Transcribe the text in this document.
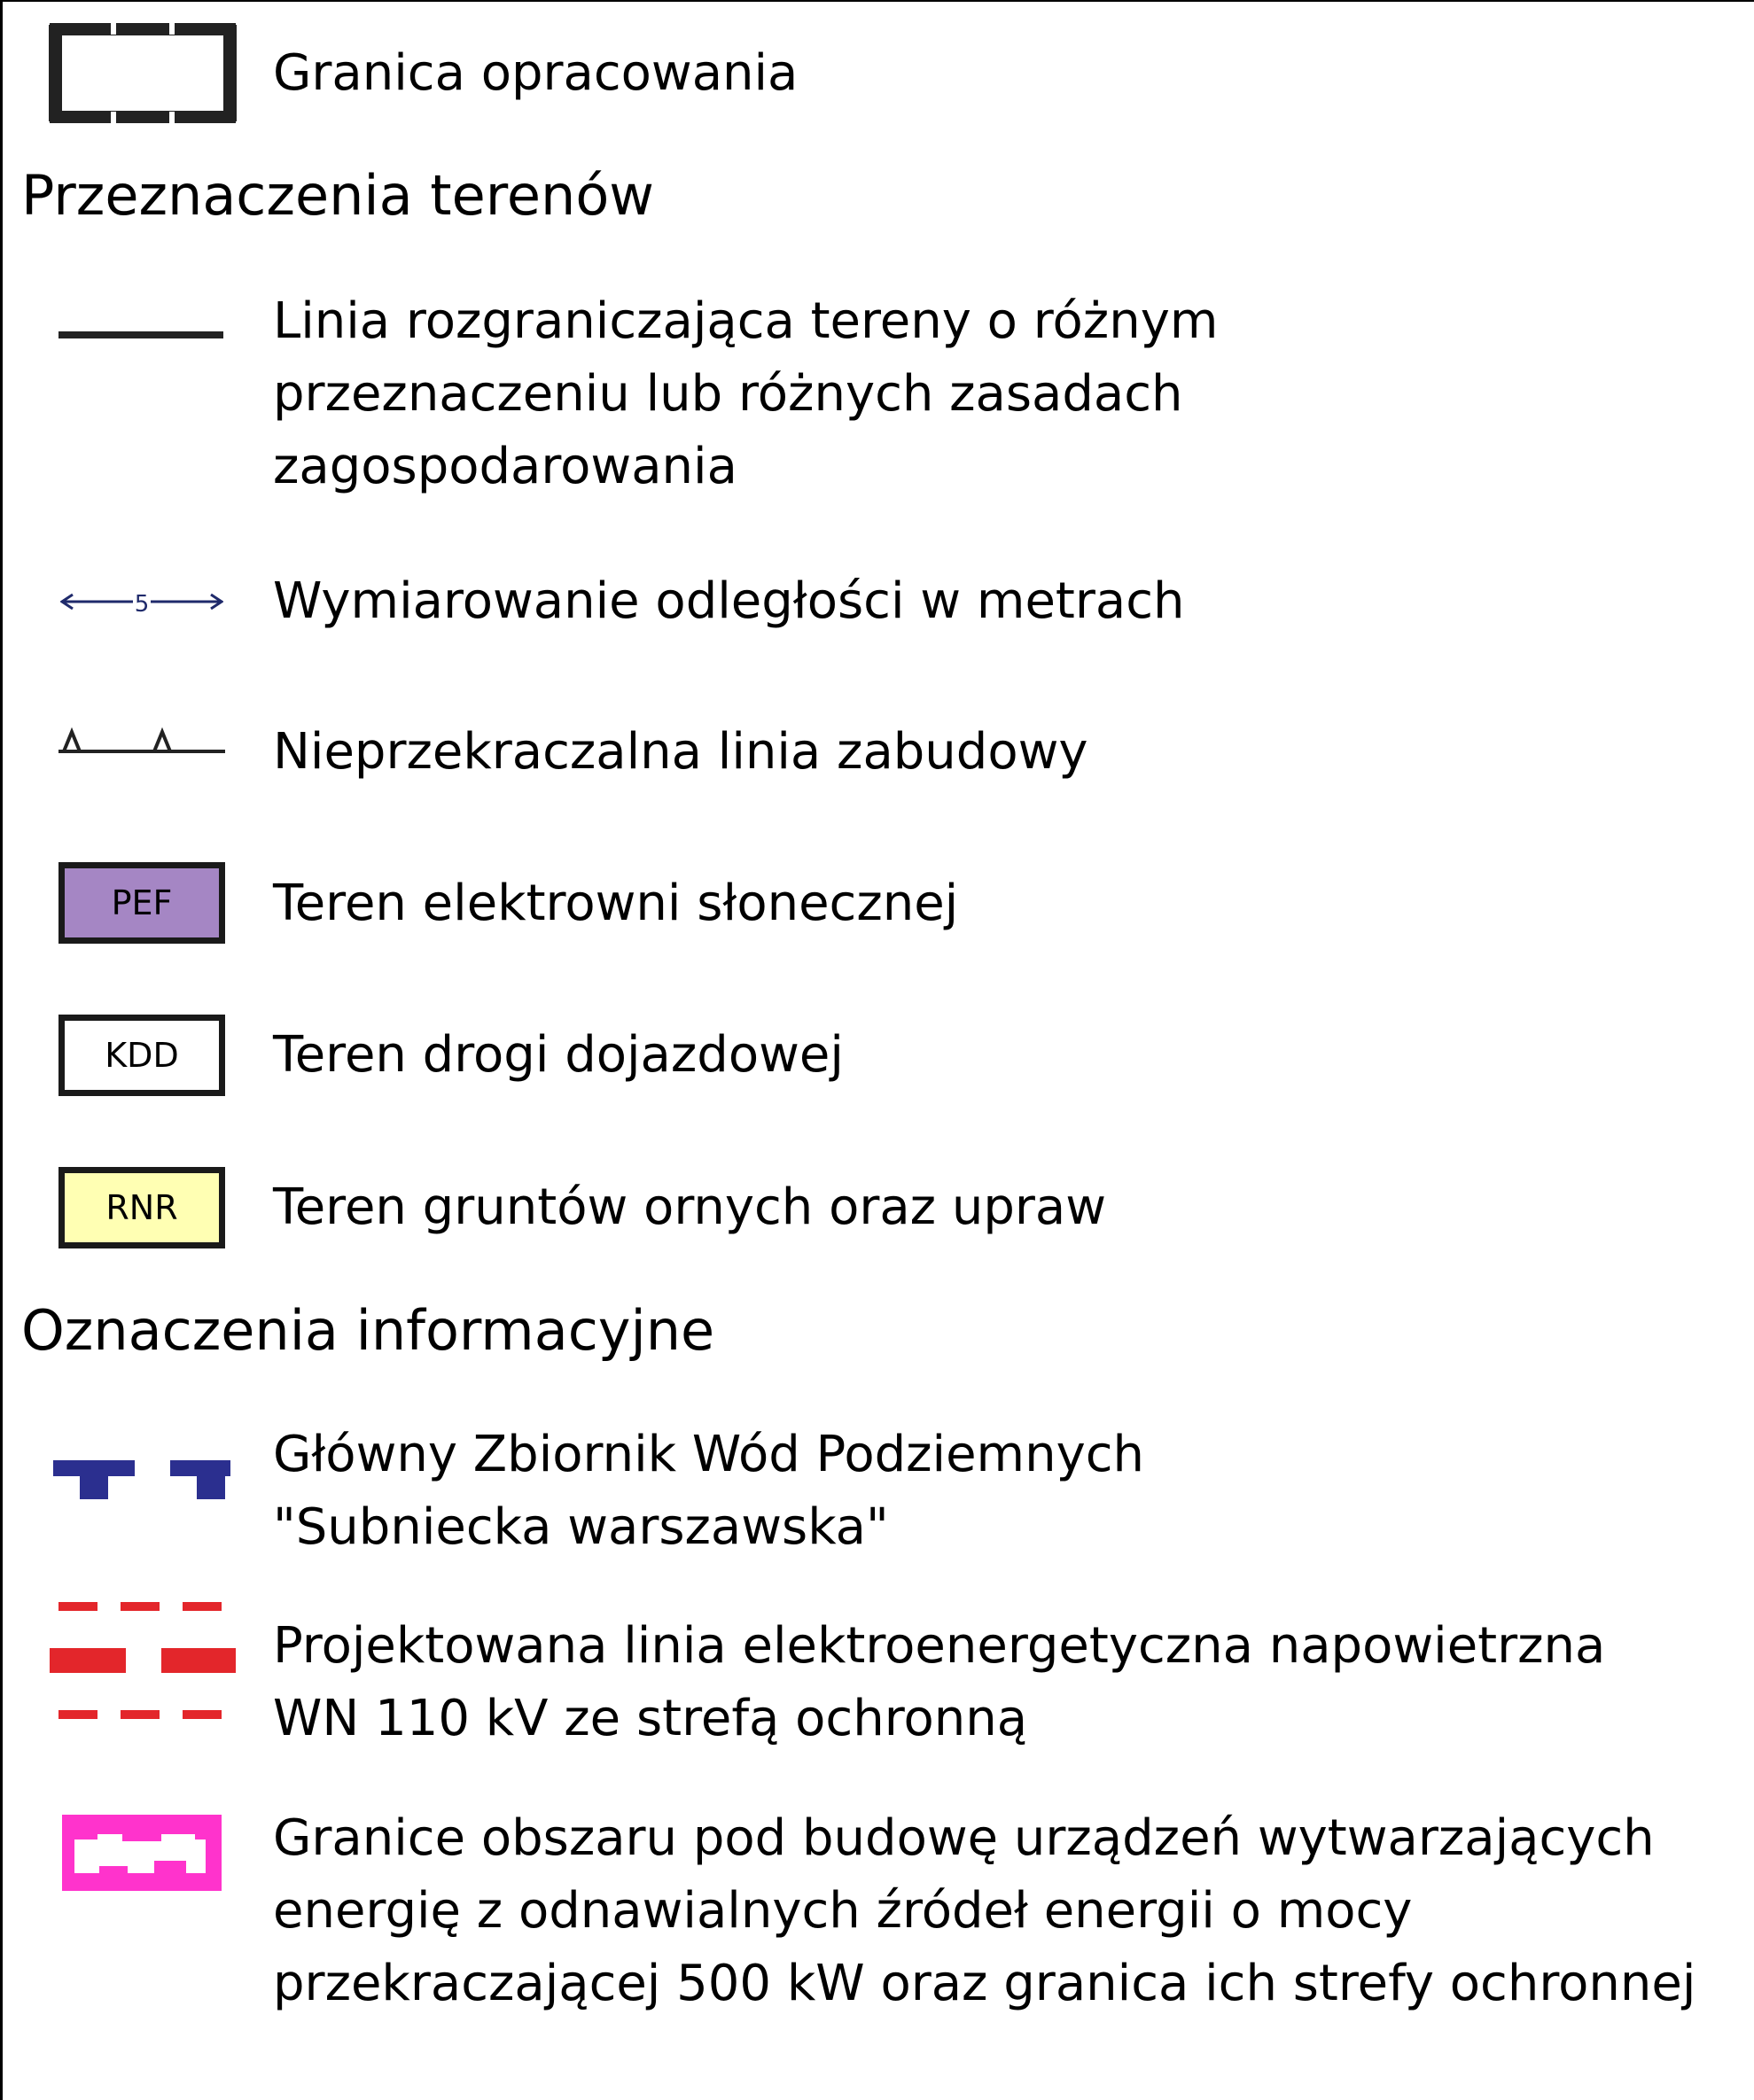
Granica opracowania
Przeznaczenia terenów
Linia rozgraniczająca tereny o różnym
przeznaczeniu lub różnych zasadach
zagospodarowania
5 Wymiarowanie odległości w metrach
Nieprzekraczalna linia zabudowy
PEF Teren elektrowni słonecznej
KDD Teren drogi dojazdowej
RNR Teren gruntów ornych oraz upraw
Oznaczenia informacyjne
Główny Zbiornik Wód Podziemnych
"Subniecka warszawska"
Projektowana linia elektroenergetyczna napowietrzna
WN 110 kV ze strefą ochronną
Granice obszaru pod budowę urządzeń wytwarzających
energię z odnawialnych źródeł energii o mocy
przekraczającej 500 kW oraz granica ich strefy ochronnej
